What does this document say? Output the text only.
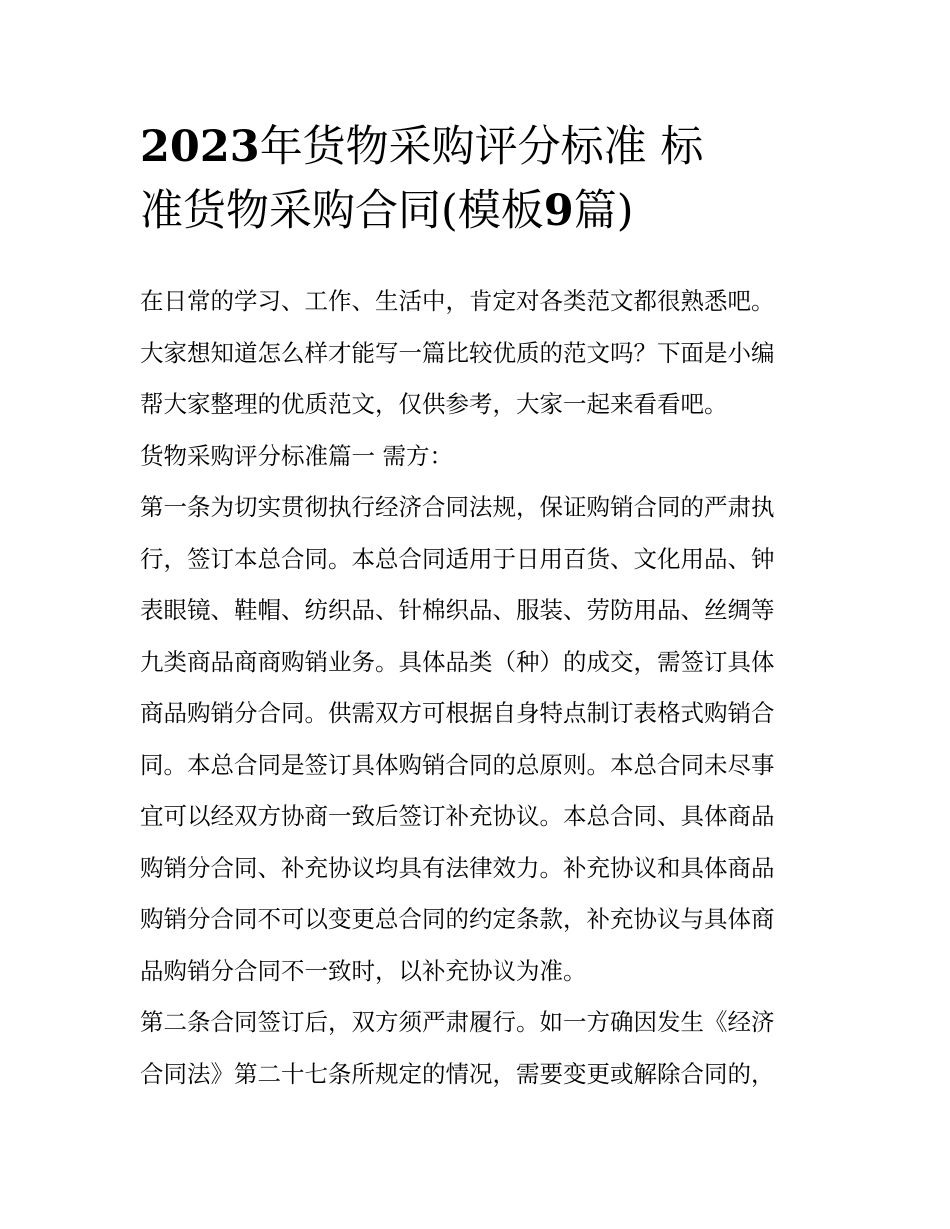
2023年货物采购评分标准 标
准货物采购合同(模板9篇)

在日常的学习、工作、生活中，肯定对各类范文都很熟悉吧。
大家想知道怎么样才能写一篇比较优质的范文吗？下面是小编
帮大家整理的优质范文，仅供参考，大家一起来看看吧。

货物采购评分标准篇一 需方：

第一条为切实贯彻执行经济合同法规，保证购销合同的严肃执
行，签订本总合同。本总合同适用于日用百货、文化用品、钟
表眼镜、鞋帽、纺织品、针棉织品、服装、劳防用品、丝绸等
九类商品商商购销业务。具体品类（种）的成交，需签订具体
商品购销分合同。供需双方可根据自身特点制订表格式购销合
同。本总合同是签订具体购销合同的总原则。本总合同未尽事
宜可以经双方协商一致后签订补充协议。本总合同、具体商品
购销分合同、补充协议均具有法律效力。补充协议和具体商品
购销分合同不可以变更总合同的约定条款，补充协议与具体商
品购销分合同不一致时，以补充协议为准。

第二条合同签订后，双方须严肃履行。如一方确因发生《经济
合同法》第二十七条所规定的情况，需要变更或解除合同的，
